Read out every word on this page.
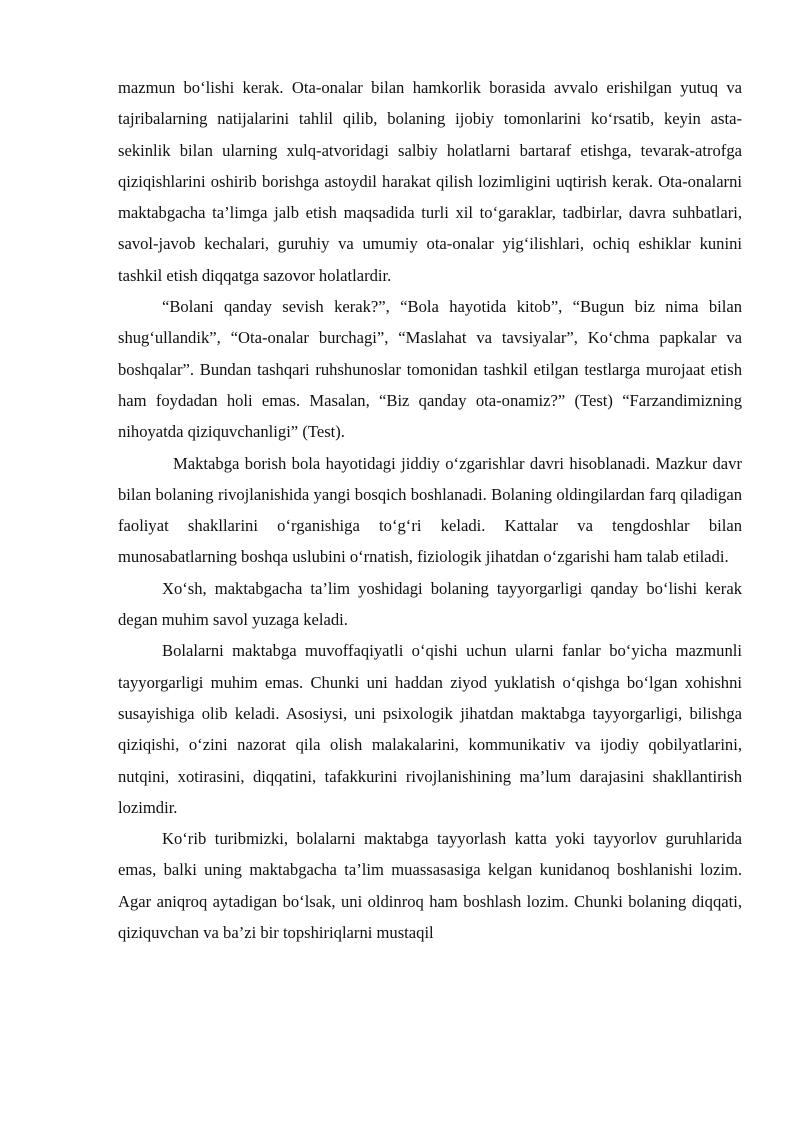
mazmun bo‘lishi kerak. Ota-onalar bilan hamkorlik borasida avvalo erishilgan yutuq va tajribalarning natijalarini tahlil qilib, bolaning ijobiy tomonlarini ko‘rsatib, keyin asta-sekinlik bilan ularning xulq-atvoridagi salbiy holatlarni bartaraf etishga, tevarak-atrofga qiziqishlarini oshirib borishga astoydil harakat qilish lozimligini uqtirish kerak. Ota-onalarni maktabgacha ta’limga jalb etish maqsadida turli xil to‘garaklar, tadbirlar, davra suhbatlari, savol-javob kechalari, guruhiy va umumiy ota-onalar yig‘ilishlari, ochiq eshiklar kunini tashkil etish diqqatga sazovor holatlardir.

“Bolani qanday sevish kerak?”, “Bola hayotida kitob”, “Bugun biz nima bilan shug‘ullandik”, “Ota-onalar burchagi”, “Maslahat va tavsiyalar”, Ko‘chma papkalar va boshqalar”. Bundan tashqari ruhshunoslar tomonidan tashkil etilgan testlarga murojaat etish ham foydadan holi emas. Masalan, “Biz qanday ota-onamiz?” (Test) “Farzandimizning nihoyatda qiziquvchanligi” (Test).

Maktabga borish bola hayotidagi jiddiy o‘zgarishlar davri hisoblanadi. Mazkur davr bilan bolaning rivojlanishida yangi bosqich boshlanadi. Bolaning oldingilardan farq qiladigan faoliyat shakllarini o‘rganishiga to‘g‘ri keladi. Kattalar va tengdoshlar bilan munosabatlarning boshqa uslubini o‘rnatish, fiziologik jihatdan o‘zgarishi ham talab etiladi.

Xo‘sh, maktabgacha ta’lim yoshidagi bolaning tayyorgarligi qanday bo‘lishi kerak degan muhim savol yuzaga keladi.

Bolalarni maktabga muvoffaqiyatli o‘qishi uchun ularni fanlar bo‘yicha mazmunli tayyorgarligi muhim emas. Chunki uni haddan ziyod yuklatish o‘qishga bo‘lgan xohishni susayishiga olib keladi. Asosiysi, uni psixologik jihatdan maktabga tayyorgarligi, bilishga qiziqishi, o‘zini nazorat qila olish malakalarini, kommunikativ va ijodiy qobilyatlarini, nutqini, xotirasini, diqqatini, tafakkurini rivojlanishining ma’lum darajasini shakllantirish lozimdir.

Ko‘rib turibmizki, bolalarni maktabga tayyorlash katta yoki tayyorlov guruhlarida emas, balki uning maktabgacha ta’lim muassasasiga kelgan kunidanoq boshlanishi lozim. Agar aniqroq aytadigan bo‘lsak, uni oldinroq ham boshlash lozim. Chunki bolaning diqqati, qiziquvchan va ba’zi bir topshiriqlarni mustaqil
